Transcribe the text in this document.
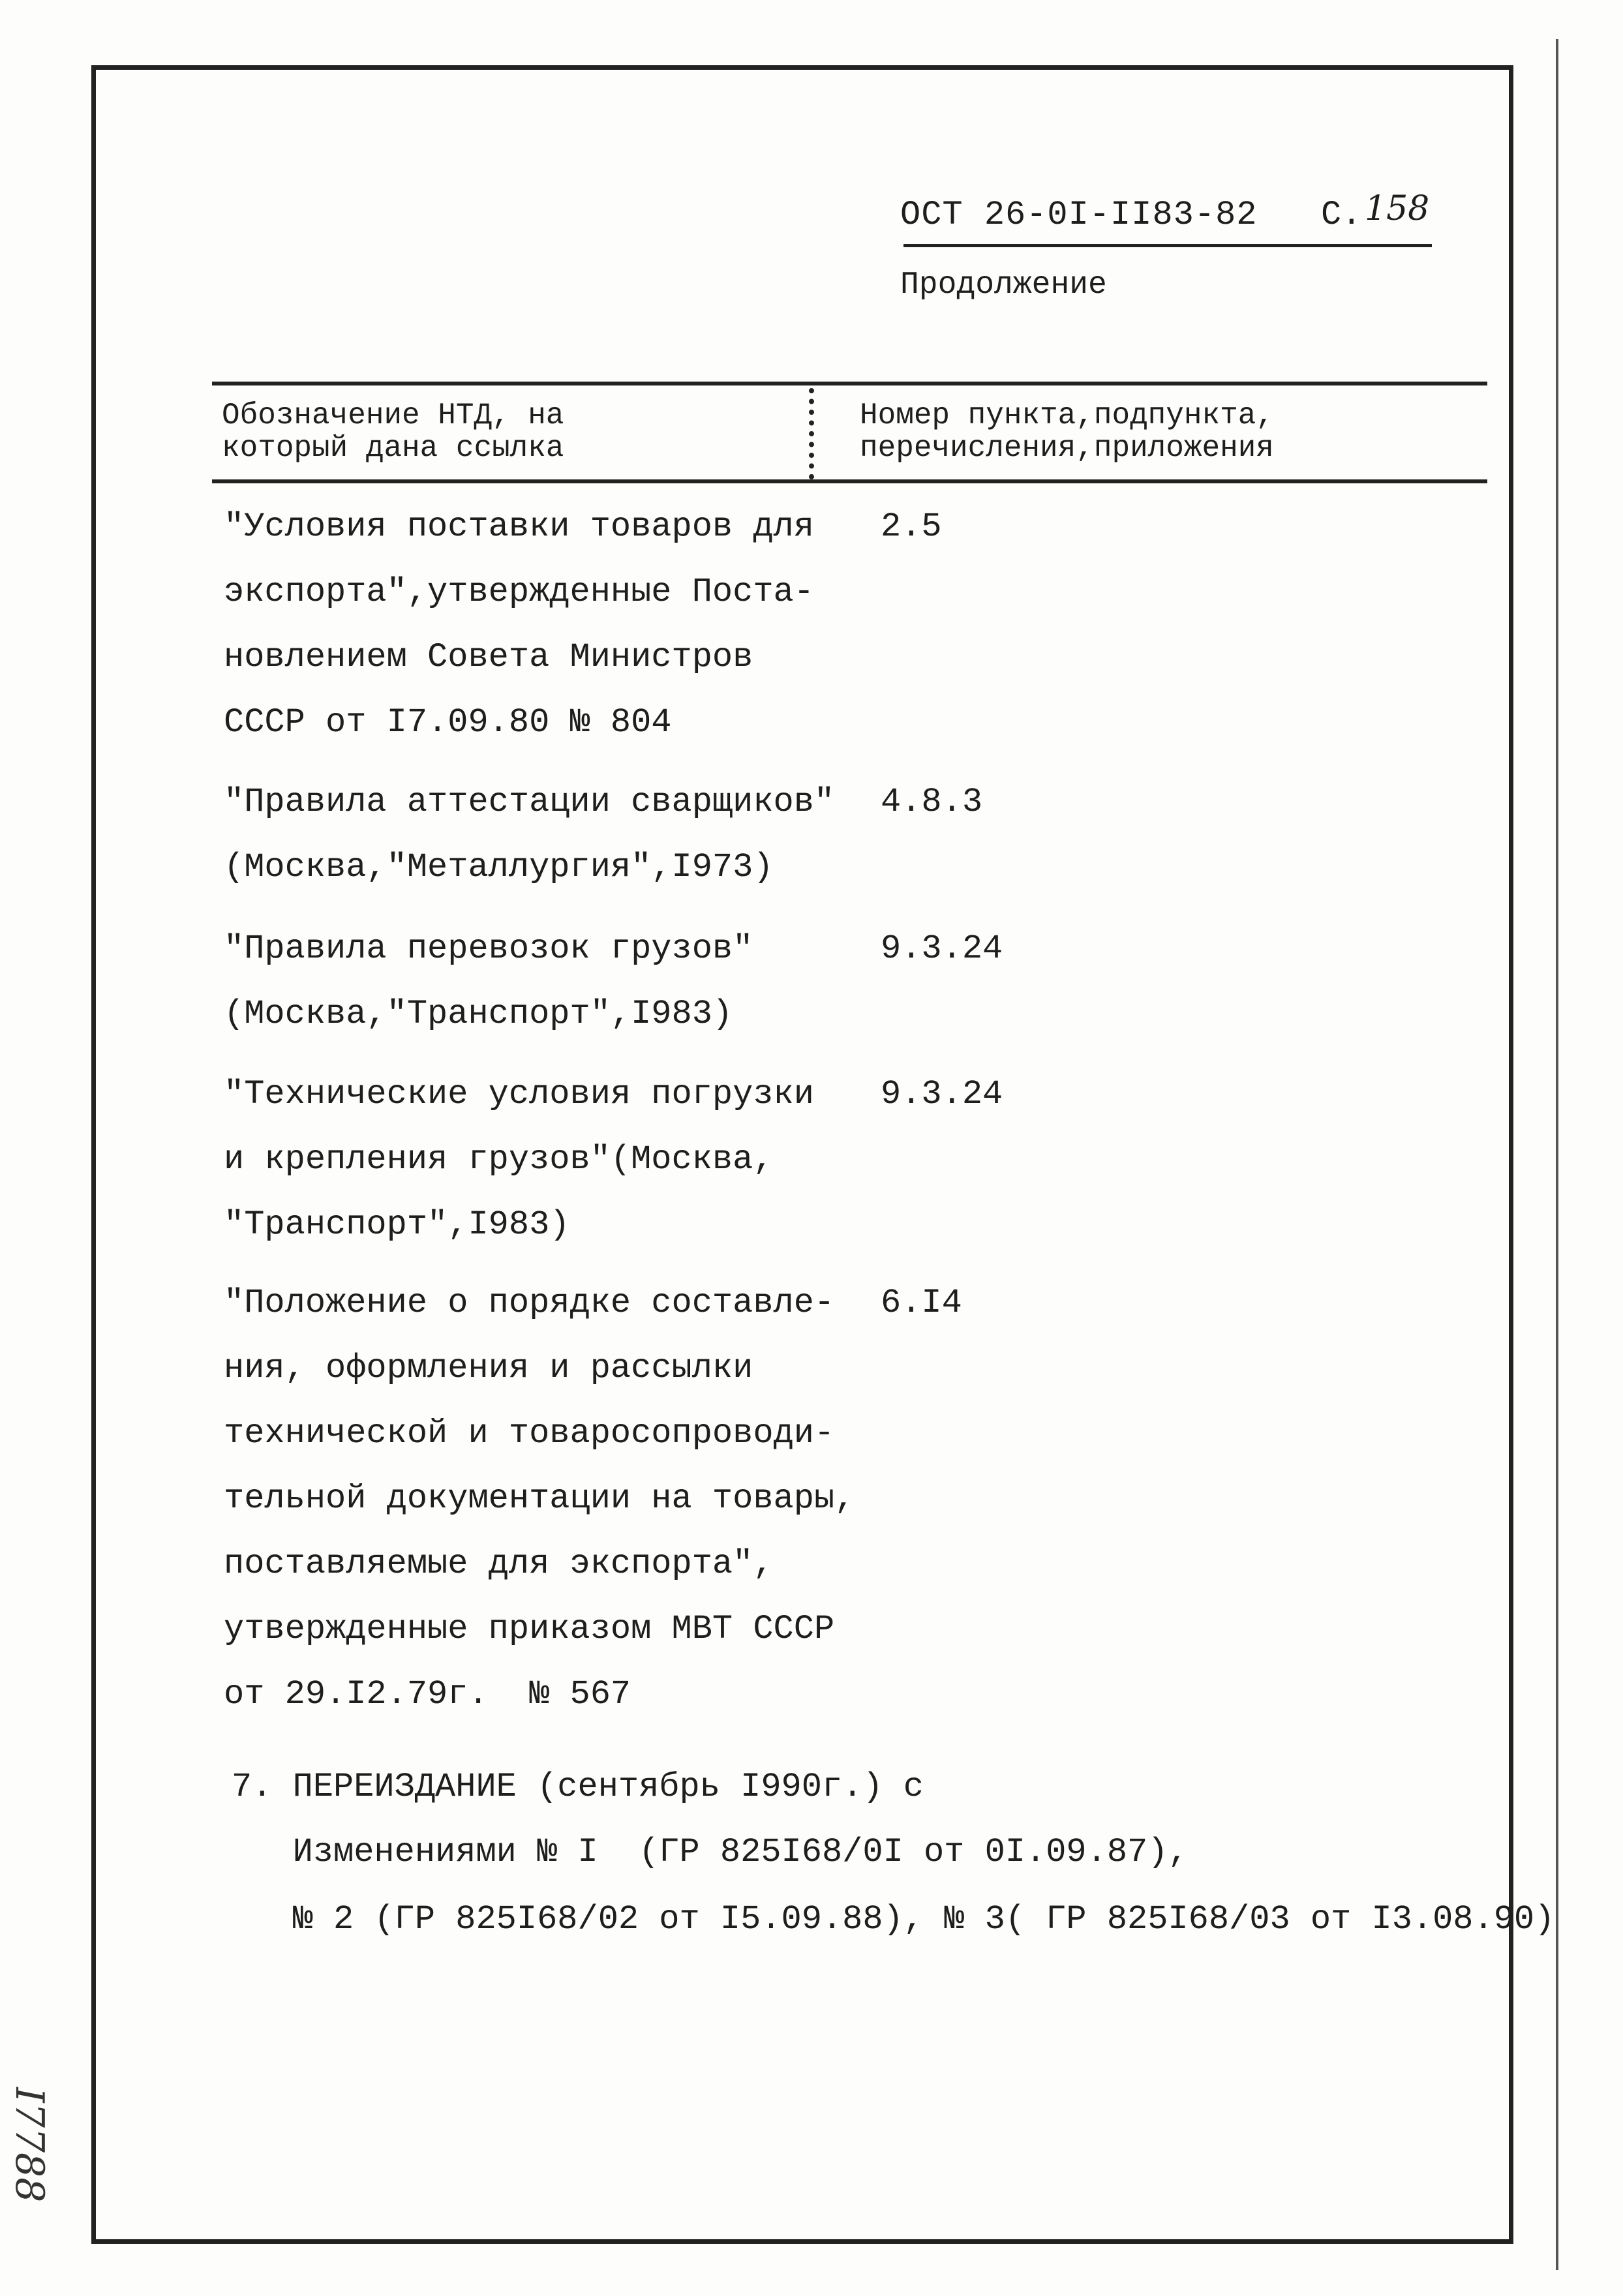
ОСТ 26-0I-II83-82 С. 158
Продолжение
Обозначение НТД, на
который дана ссылка
Номер пункта,подпункта,
перечисления,приложения
"Условия поставки товаров для
экспорта",утвержденные Поста-
новлением Совета Министров
СССР от I7.09.80 № 804
2.5
"Правила аттестации сварщиков"
(Москва,"Металлургия",I973)
4.8.3
"Правила перевозок грузов"
(Москва,"Транспорт",I983)
9.3.24
"Технические условия погрузки
и крепления грузов"(Москва,
"Транспорт",I983)
9.3.24
"Положение о порядке составле-
ния, оформления и рассылки
технической и товаросопроводи-
тельной документации на товары,
поставляемые для экспорта",
утвержденные приказом МВТ СССР
от 29.I2.79г.  № 567
6.I4
7. ПЕРЕИЗДАНИЕ (сентябрь I990г.) с
Изменениями № I  (ГР 825I68/0I от 0I.09.87),
№ 2 (ГР 825I68/02 от I5.09.88), № 3( ГР 825I68/03 от I3.08.90)
I7788
